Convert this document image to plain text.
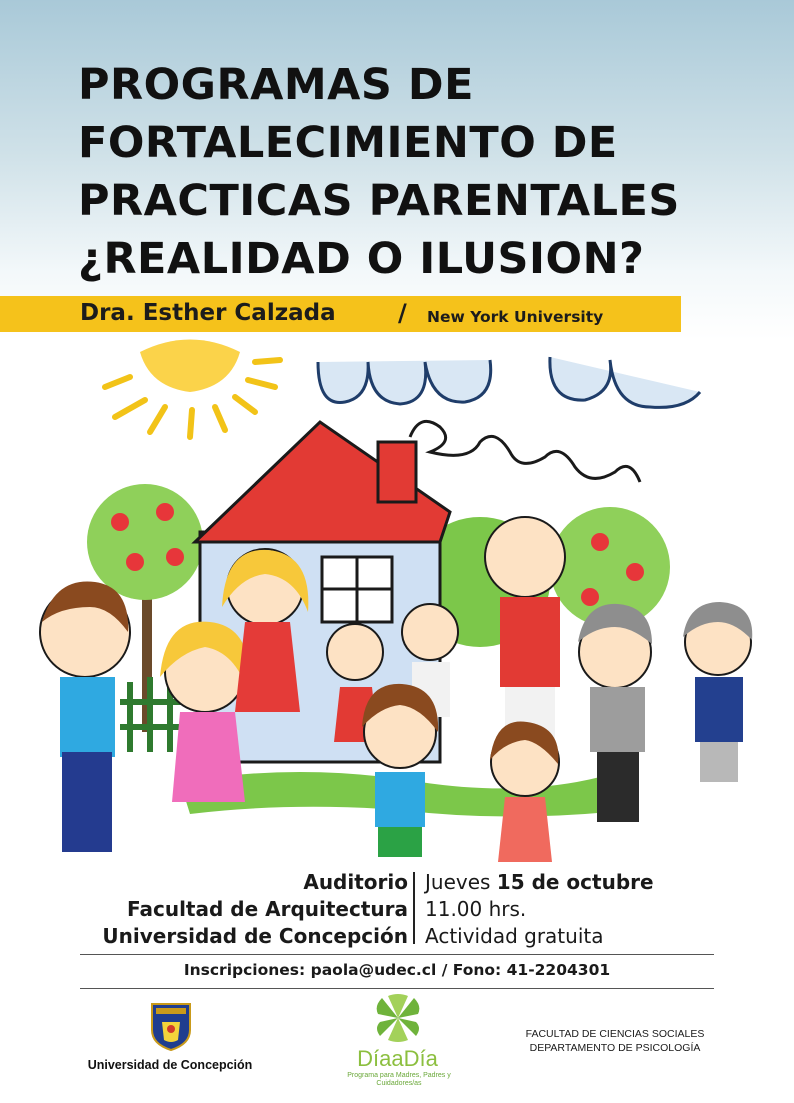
PROGRAMAS DE
FORTALECIMIENTO DE
PRACTICAS PARENTALES
¿REALIDAD O ILUSION?
Dra. Esther Calzada	/ New York University
Auditorio
Facultad de Arquitectura
Universidad de Concepción
Jueves 15 de octubre
11.00 hrs.
Actividad gratuita
Inscripciones: paola@udec.cl / Fono: 41-2204301
Universidad de Concepción	DíaaDía
Programa para Madres, Padres y Cuidadores/as
FACULTAD DE CIENCIAS SOCIALES
DEPARTAMENTO DE PSICOLOGÍA
